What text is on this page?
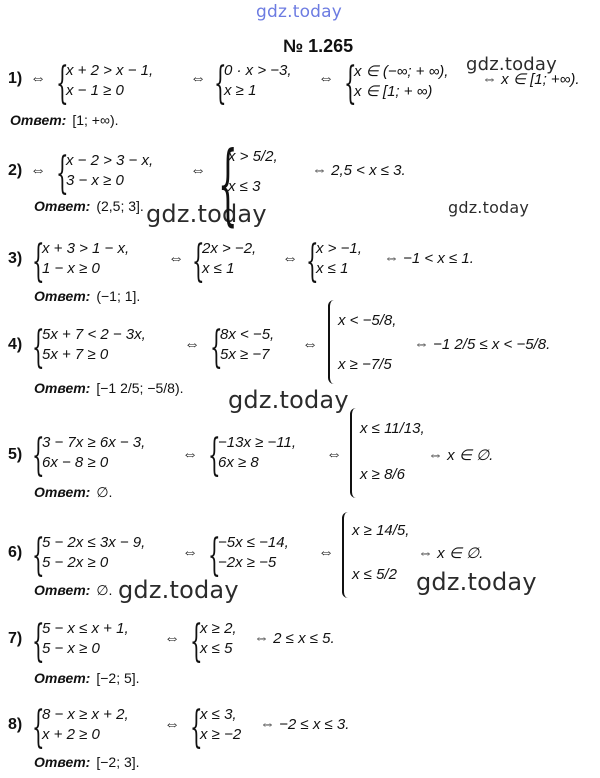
gdz.today
gdz.today
gdz.today
gdz.today
gdz.today
gdz.today	gdz.today
№ 1.265
1) ⇔ {
x + 2 > x − 1,
x − 1 ≥ 0
⇔ {
0 · x > −3,
x ≥ 1
⇔ {
x ∈ (−∞; + ∞),
x ∈ [1; + ∞)
⇔ x ∈ [1; +∞).
Ответ: [1; +∞).
2) ⇔ {
x − 2 > 3 − x,
3 − x ≥ 0
⇔ {
x > 5/2,
x ≤ 3
⇔ 2,5 < x ≤ 3.
Ответ: (2,5; 3].
3) {
x + 3 > 1 − x,
1 − x ≥ 0
⇔ {
2x > −2,
x ≤ 1
⇔ {
x > −1,
x ≤ 1
⇔ −1 < x ≤ 1.
Ответ: (−1; 1].
4) {
5x + 7 < 2 − 3x,
5x + 7 ≥ 0
⇔ {
8x < −5,
5x ≥ −7
⇔
x < −5/8,
x ≥ −7/5
⇔ −1 2/5 ≤ x < −5/8.
Ответ: [−1 2/5; −5/8).
5) {
3 − 7x ≥ 6x − 3,
6x − 8 ≥ 0	⇔ {
−13x ≥ −11,
6x ≥ 8	⇔
x ≤ 11/13,
x ≥ 8/6
⇔ x ∈ ∅.
Ответ: ∅.
6) {
5 − 2x ≤ 3x − 9,
5 − 2x ≥ 0
⇔ {
−5x ≤ −14,
−2x ≥ −5
⇔
x ≥ 14/5,
x ≤ 5/2
⇔ x ∈ ∅.
Ответ: ∅.
7) {
5 − x ≤ x + 1,
5 − x ≥ 0
⇔ {
x ≥ 2,
x ≤ 5
⇔ 2 ≤ x ≤ 5.
Ответ: [−2; 5].
8) {
8 − x ≥ x + 2,
x + 2 ≥ 0
⇔ {
x ≤ 3,
x ≥ −2
⇔ −2 ≤ x ≤ 3.
Ответ: [−2; 3].
